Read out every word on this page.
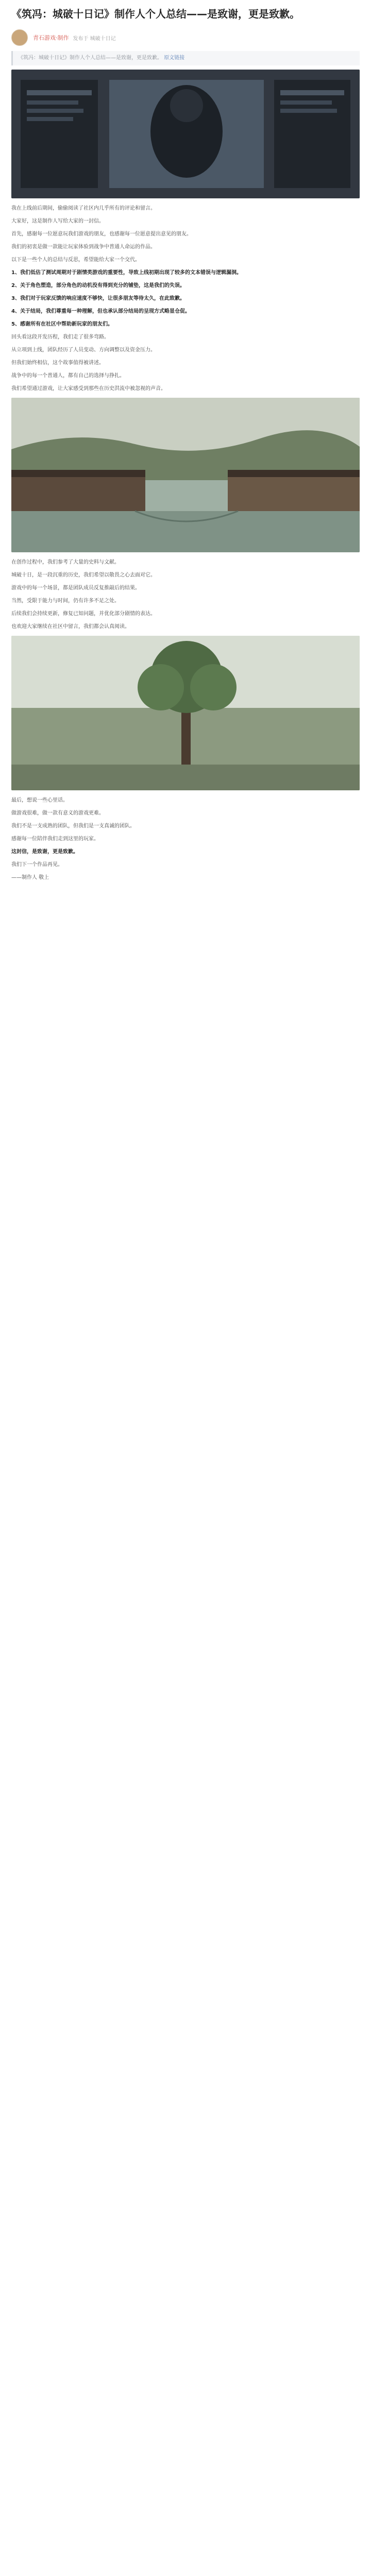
《筑冯：城破十日记》制作人个人总结——是致谢，更是致歉。
青石游戏·制作 发布于 城破十日记
《筑冯：城破十日记》制作人个人总结——是致谢，更是致歉。 原文链接

我在上线前后期间，偷偷阅读了社区内几乎所有的评论和留言。

大家好，这是制作人写给大家的一封信。

首先，感谢每一位愿意玩我们游戏的朋友，也感谢每一位愿意提出意见的朋友。

我们的初衷是做一款能让玩家体验到战争中普通人命运的作品。

以下是一些个人的总结与反思，希望能给大家一个交代。

1、我们低估了测试周期对于剧情类游戏的重要性，导致上线初期出现了较多的文本错误与逻辑漏洞。

2、关于角色塑造，部分角色的动机没有得到充分的铺垫，这是我们的失误。

3、我们对于玩家反馈的响应速度不够快，让很多朋友等待太久，在此致歉。

4、关于结局，我们尊重每一种理解，但也承认部分结局的呈现方式略显仓促。

5、感谢所有在社区中帮助新玩家的朋友们。

回头看这段开发历程，我们走了很多弯路。

从立项到上线，团队经历了人员变动、方向调整以及资金压力。

但我们始终相信，这个故事值得被讲述。

战争中的每一个普通人，都有自己的选择与挣扎。

我们希望通过游戏，让大家感受到那些在历史洪流中被忽视的声音。

在创作过程中，我们参考了大量的史料与文献。

城破十日，是一段沉重的历史，我们希望以敬畏之心去面对它。

游戏中的每一个场景，都是团队成员反复推敲后的结果。

当然，受限于能力与时间，仍有许多不足之处。

后续我们会持续更新，修复已知问题，并优化部分剧情的表达。

也欢迎大家继续在社区中留言，我们都会认真阅读。

最后，想说一些心里话。

做游戏很难，做一款有意义的游戏更难。

我们不是一支成熟的团队，但我们是一支真诚的团队。

感谢每一位陪伴我们走到这里的玩家。

这封信，是致谢，更是致歉。

我们下一个作品再见。

——制作人 敬上
